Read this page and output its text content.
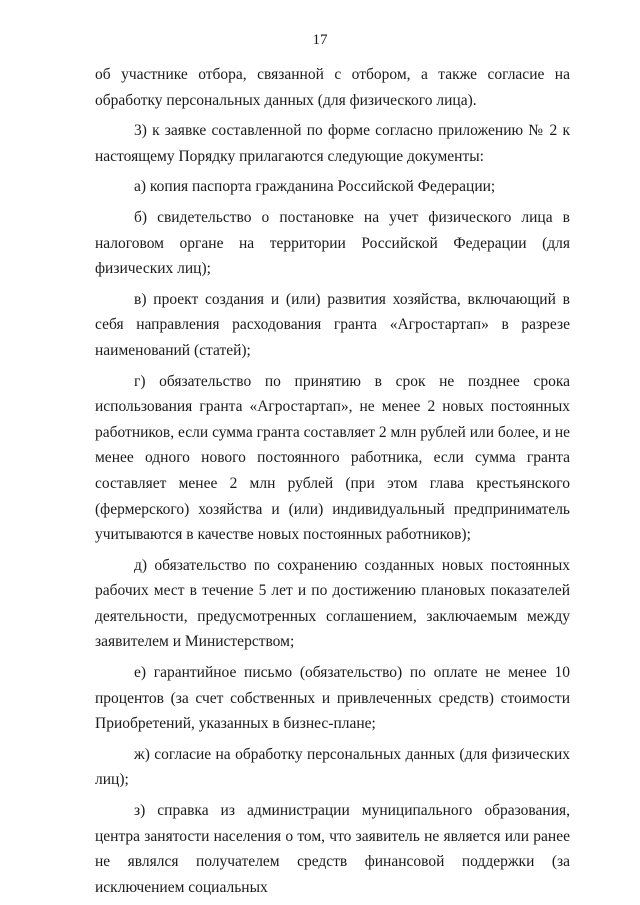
17

об участнике отбора, связанной с отбором, а также согласие на обработку персональных данных (для физического лица).

3) к заявке составленной по форме согласно приложению № 2 к настоящему Порядку прилагаются следующие документы:

а) копия паспорта гражданина Российской Федерации;

б) свидетельство о постановке на учет физического лица в налоговом органе на территории Российской Федерации (для физических лиц);

в) проект создания и (или) развития хозяйства, включающий в себя направления расходования гранта «Агростартап» в разрезе наименований (статей);

г) обязательство по принятию в срок не позднее срока использования гранта «Агростартап», не менее 2 новых постоянных работников, если сумма гранта составляет 2 млн рублей или более, и не менее одного нового постоянного работника, если сумма гранта составляет менее 2 млн рублей (при этом глава крестьянского (фермерского) хозяйства и (или) индивидуальный предприниматель учитываются в качестве новых постоянных работников);

д) обязательство по сохранению созданных новых постоянных рабочих мест в течение 5 лет и по достижению плановых показателей деятельности, предусмотренных соглашением, заключаемым между заявителем и Министерством;

е) гарантийное письмо (обязательство) по оплате не менее 10 процентов (за счет собственных и привлеченных средств) стоимости Приобретений, указанных в бизнес-плане;

ж) согласие на обработку персональных данных (для физических лиц);

з) справка из администрации муниципального образования, центра занятости населения о том, что заявитель не является или ранее не являлся получателем средств финансовой поддержки (за исключением социальных
